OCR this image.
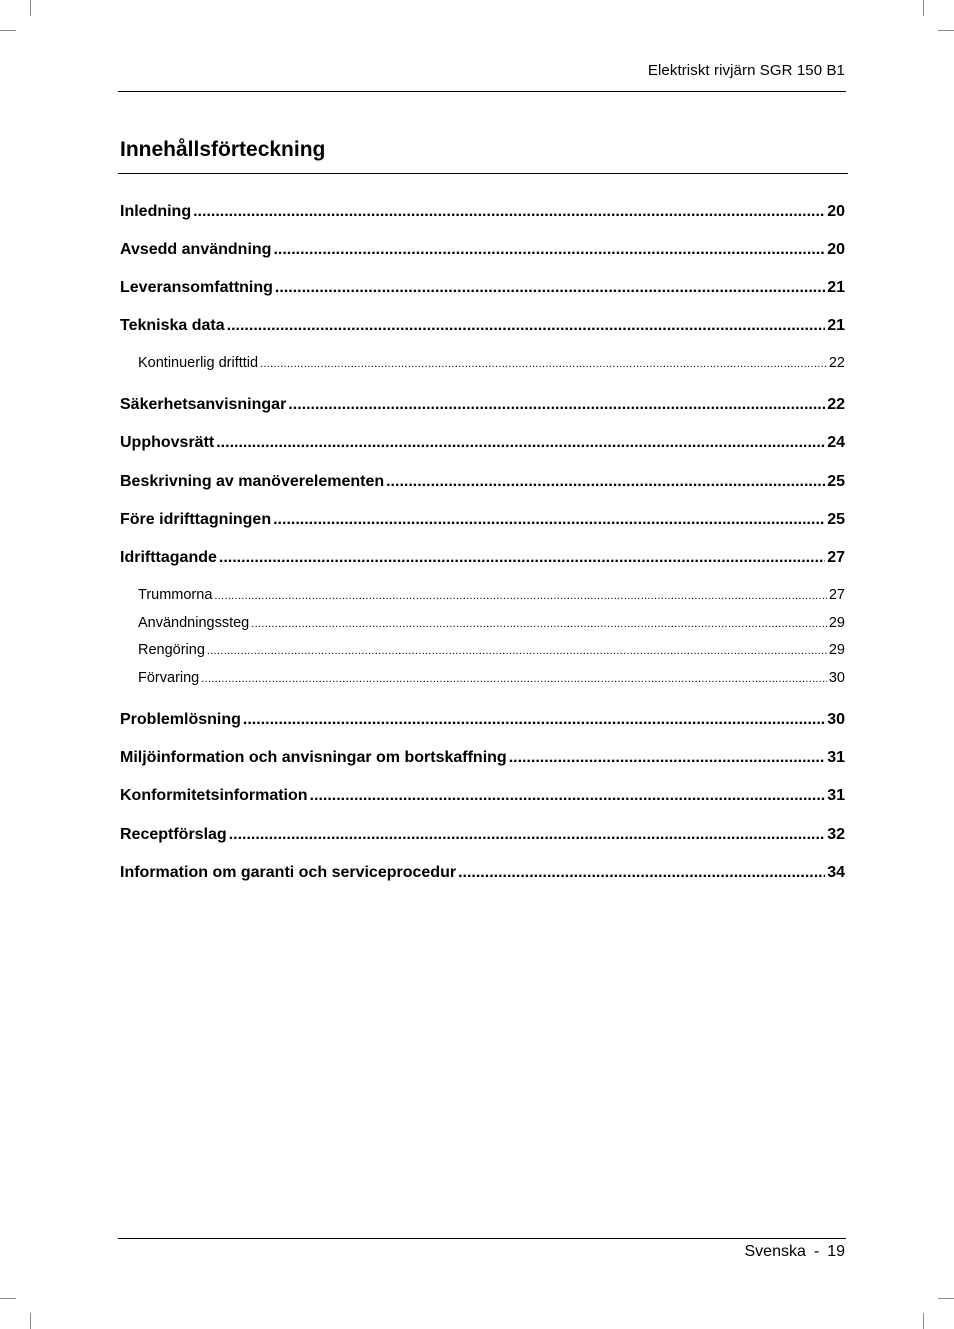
Elektriskt rivjärn SGR 150 B1
Innehållsförteckning
Inledning .....	20
Avsedd användning .....	20
Leveransomfattning .....	21
Tekniska data .....	21
Kontinuerlig drifttid .....	22
Säkerhetsanvisningar .....	22
Upphovsrätt .....	24
Beskrivning av manöverelementen .....	25
Före idrifttagningen .....	25
Idrifttagande .....	27
Trummorna .....	27
Användningssteg .....	29
Rengöring .....	29
Förvaring .....	30
Problemlösning .....	30
Miljöinformation och anvisningar om bortskaffning .....	31
Konformitetsinformation .....	31
Receptförslag .....	32
Information om garanti och serviceprocedur .....	34
Svenska - 19
